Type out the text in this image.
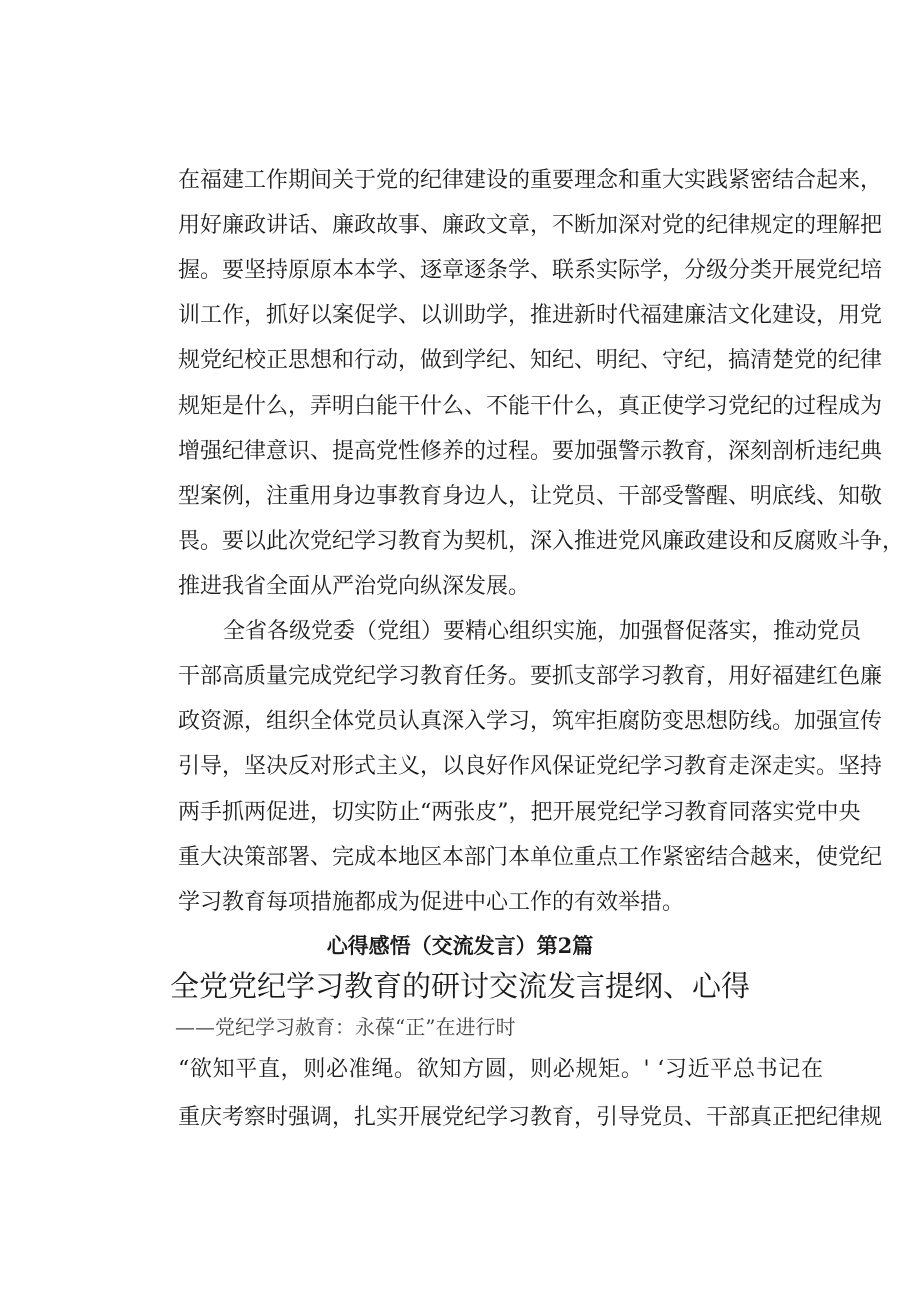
在福建工作期间关于党的纪律建设的重要理念和重大实践紧密结合起来，
用好廉政讲话、廉政故事、廉政文章，不断加深对党的纪律规定的理解把
握。要坚持原原本本学、逐章逐条学、联系实际学，分级分类开展党纪培
训工作，抓好以案促学、以训助学，推进新时代福建廉洁文化建设，用党
规党纪校正思想和行动，做到学纪、知纪、明纪、守纪，搞清楚党的纪律
规矩是什么，弄明白能干什么、不能干什么，真正使学习党纪的过程成为
增强纪律意识、提高党性修养的过程。要加强警示教育，深刻剖析违纪典
型案例，注重用身边事教育身边人，让党员、干部受警醒、明底线、知敬
畏。要以此次党纪学习教育为契机，深入推进党风廉政建设和反腐败斗争，
推进我省全面从严治党向纵深发展。
全省各级党委（党组）要精心组织实施，加强督促落实，推动党员
干部高质量完成党纪学习教育任务。要抓支部学习教育，用好福建红色廉
政资源，组织全体党员认真深入学习，筑牢拒腐防变思想防线。加强宣传
引导，坚决反对形式主义，以良好作风保证党纪学习教育走深走实。坚持
两手抓两促进，切实防止“两张皮”，把开展党纪学习教育同落实党中央
重大决策部署、完成本地区本部门本单位重点工作紧密结合越来，使党纪
学习教育每项措施都成为促进中心工作的有效举措。
心得感悟（交流发言）第2篇
全党党纪学习教育的研讨交流发言提纲、心得
——党纪学习赦育：永葆“正”在进行时
“欲知平直，则必准绳。欲知方圆，则必规矩。' ‘习近平总书记在
重庆考察时强调，扎实开展党纪学习教育，引导党员、干部真正把纪律规
